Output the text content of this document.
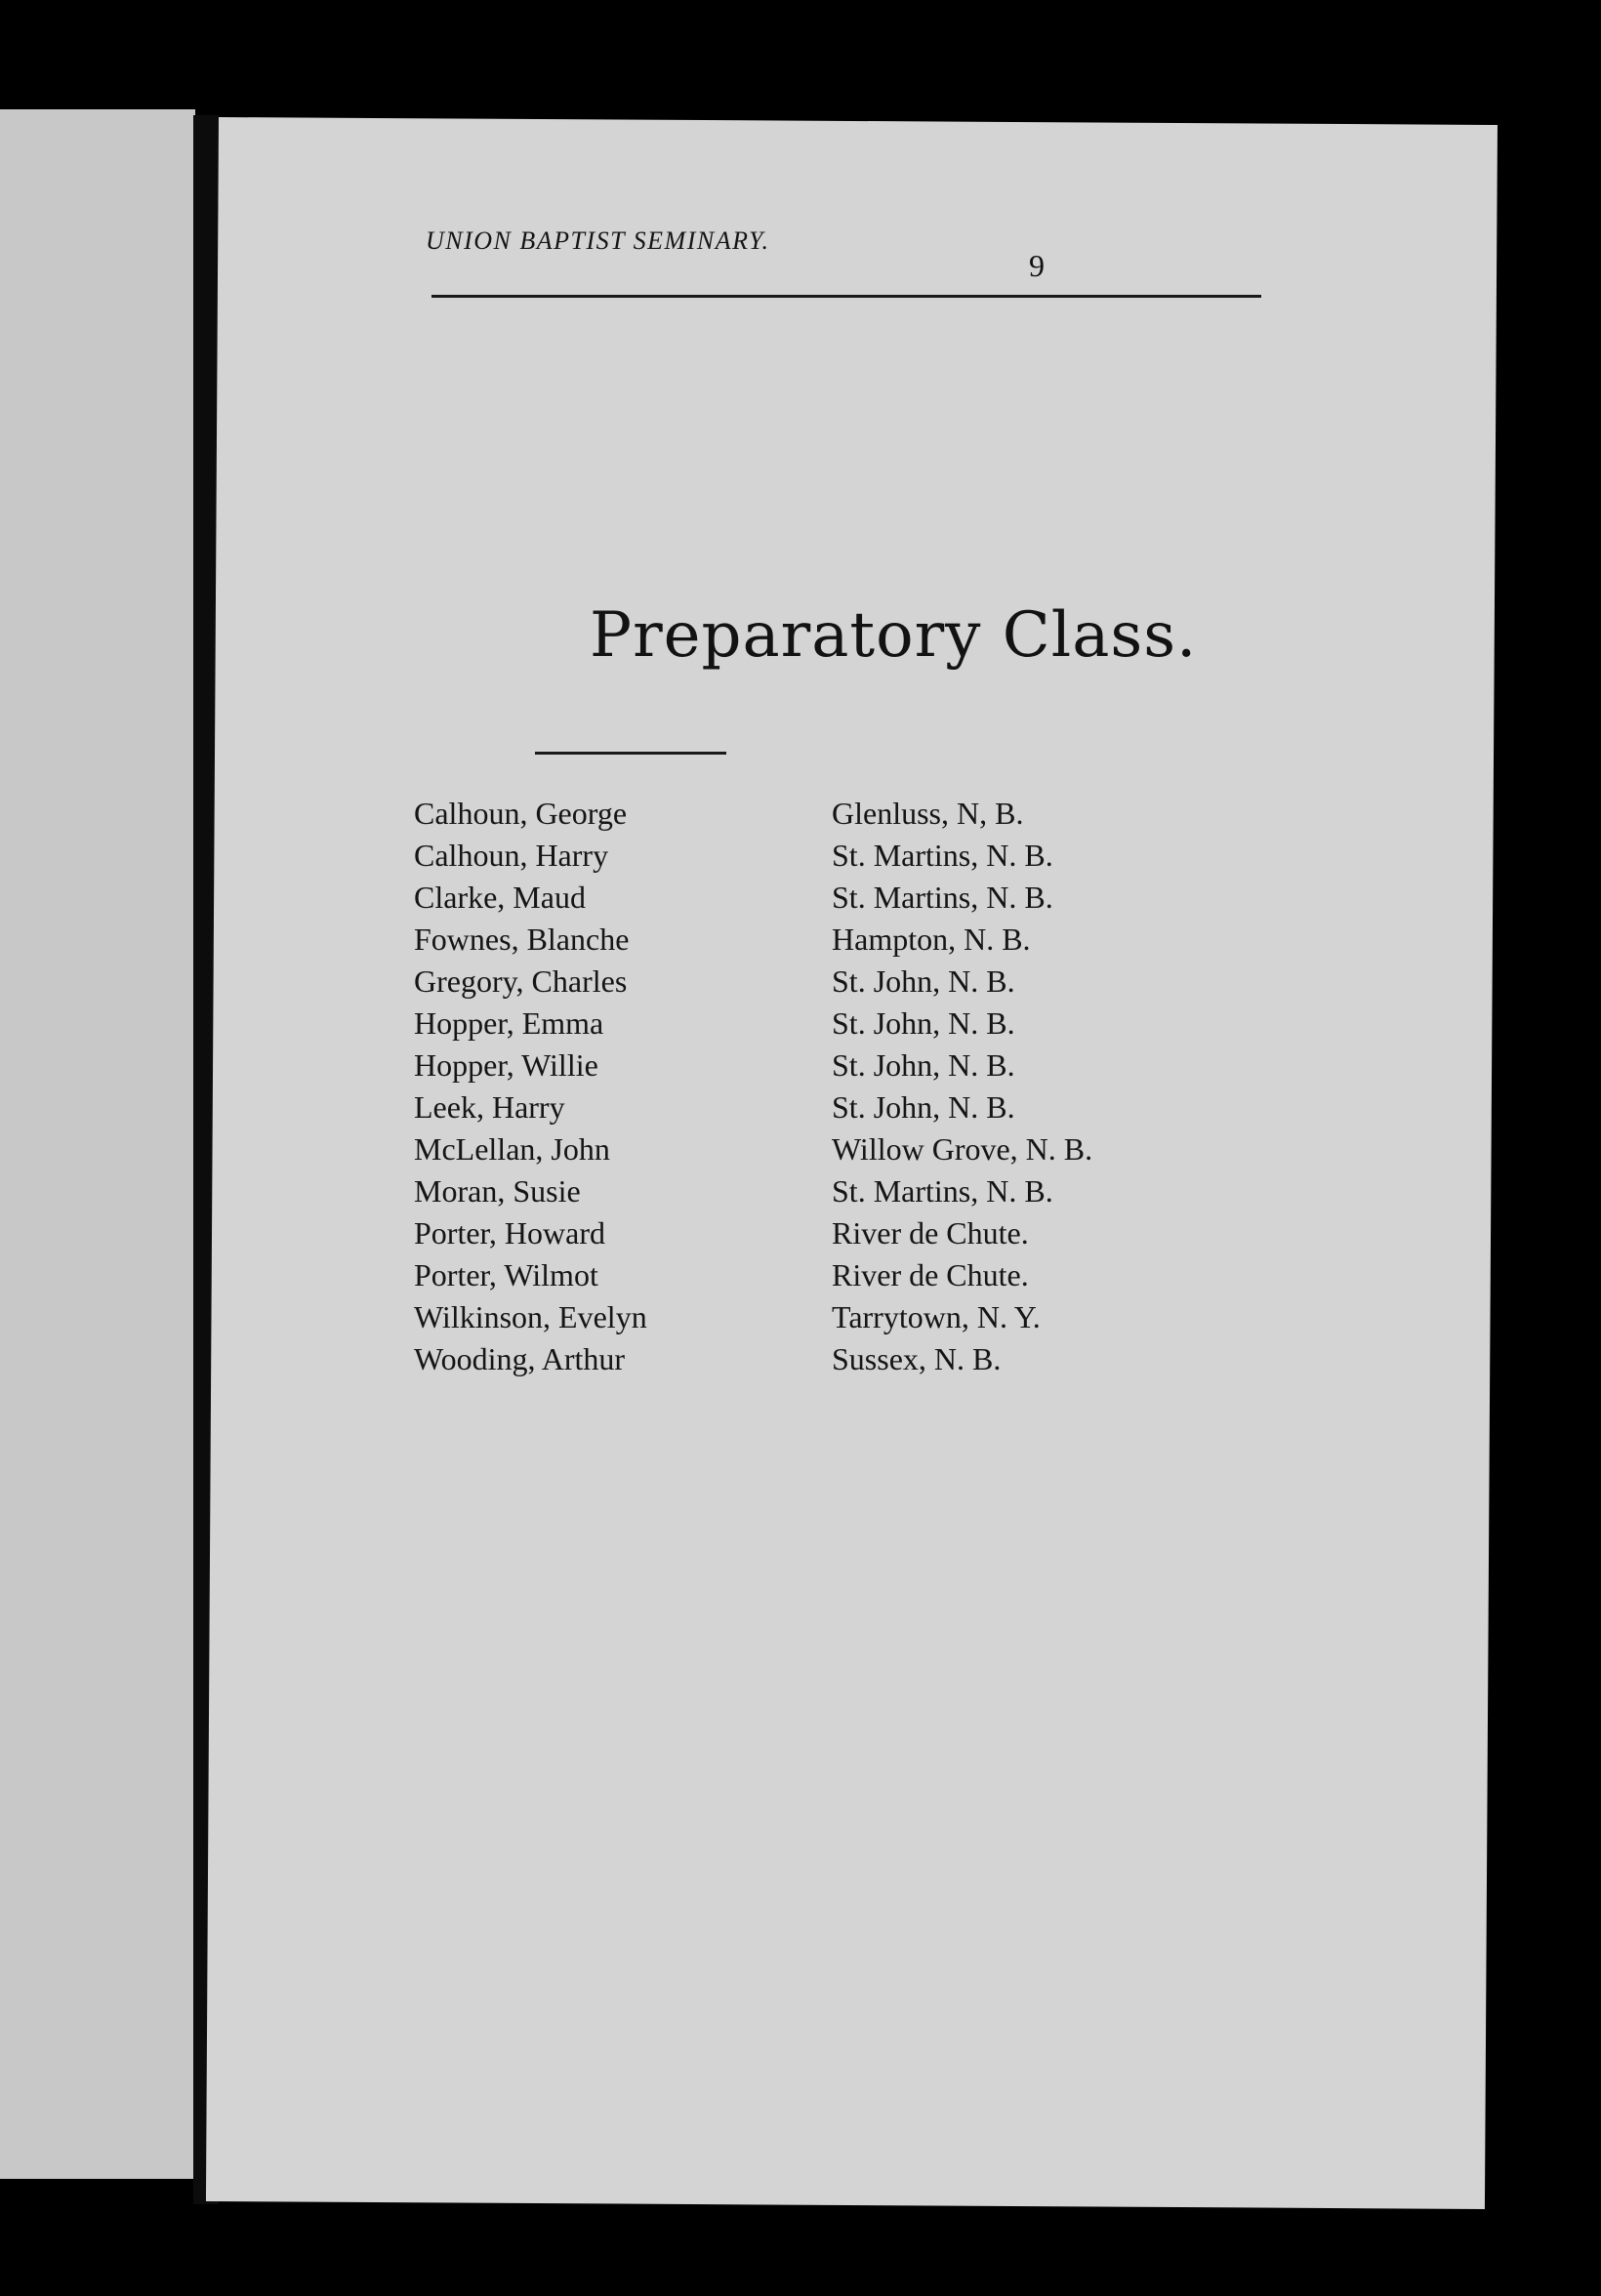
UNION BAPTIST SEMINARY.
9
Preparatory Class.
Calhoun, George	Glenluss, N, B.
Calhoun, Harry	St. Martins, N. B.
Clarke, Maud	St. Martins, N. B.
Fownes, Blanche	Hampton, N. B.
Gregory, Charles	St. John, N. B.
Hopper, Emma	St. John, N. B.
Hopper, Willie	St. John, N. B.
Leek, Harry	St. John, N. B.
McLellan, John	Willow Grove, N. B.
Moran, Susie	St. Martins, N. B.
Porter, Howard	River de Chute.
Porter, Wilmot	River de Chute.
Wilkinson, Evelyn	Tarrytown, N. Y.
Wooding, Arthur	Sussex, N. B.
